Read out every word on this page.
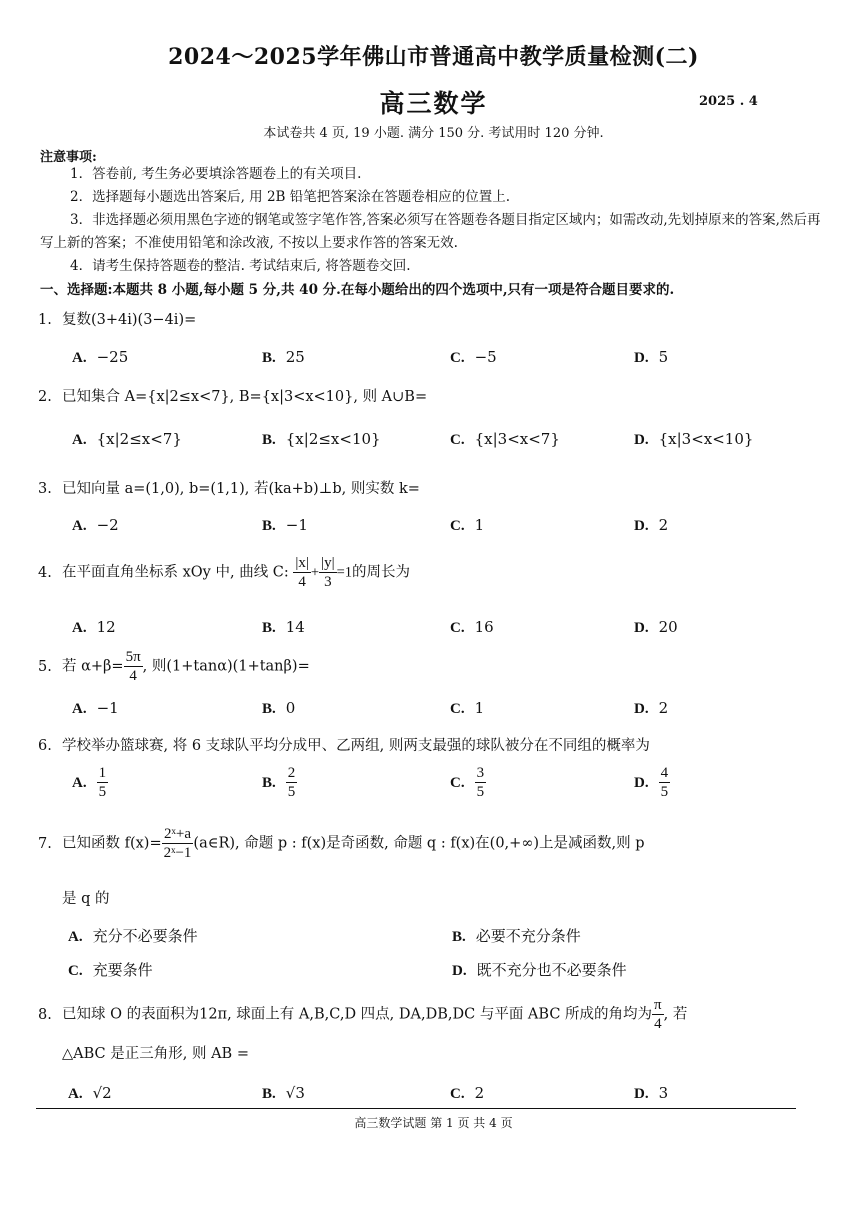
2024～2025学年佛山市普通高中教学质量检测(二)
高三数学	2025 . 4
本试卷共 4 页, 19 小题. 满分 150 分. 考试用时 120 分钟.
注意事项:
1．答卷前, 考生务必要填涂答题卷上的有关项目.
2．选择题每小题选出答案后, 用 2B 铅笔把答案涂在答题卷相应的位置上.
3．非选择题必须用黑色字迹的钢笔或签字笔作答,答案必须写在答题卷各题目指定区域内；如需改动,先划掉原来的答案,然后再写上新的答案；不准使用铅笔和涂改液, 不按以上要求作答的答案无效.
4．请考生保持答题卷的整洁. 考试结束后, 将答题卷交回.
一、选择题:本题共 8 小题,每小题 5 分,共 40 分.在每小题给出的四个选项中,只有一项是符合题目要求的.
1. 复数(3+4i)(3−4i)=
A. −25	B. 25	C. −5	D. 5
2. 已知集合 A={x|2≤x<7}, B={x|3<x<10}, 则 A∪B=
A. {x|2≤x<7}	B. {x|2≤x<10}	C. {x|3<x<7}	D. {x|3<x<10}
3. 已知向量 a=(1,0), b=(1,1), 若(ka+b)⊥b, 则实数 k=
A. −2	B. −1	C. 1	D. 2
4. 在平面直角坐标系 xOy 中, 曲线 C: $\frac{|x|}{4} + \frac{|y|}{3} =1$的周长为
A. 12	B. 14	C. 16	D. 20
5. 若 $\alpha+\beta= \frac{5\pi}{4}$ , 则(1+tanα)(1+tanβ)=
A. −1	B. 0	C. 1	D. 2
6. 学校举办篮球赛, 将 6 支球队平均分成甲、乙两组, 则两支最强的球队被分在不同组的概率为
A. $\frac{1}{5}$	B. $\frac{2}{5}$	C. $\frac{3}{5}$	D. $\frac{4}{5}$
7. 已知函数 $f(x)= \frac{\text{2ˣ+a}}{\text{2ˣ−1}}$ (a∈R), 命题 p : f(x)是奇函数, 命题 q : f(x)在(0,+∞)上是减函数,则 p
是 q 的
A. 充分不必要条件	B. 必要不充分条件
C. 充要条件	D. 既不充分也不必要条件
8. 已知球 O 的表面积为12π, 球面上有 A,B,C,D 四点, DA,DB,DC 与平面 ABC 所成的角均为 $\frac{\pi}{4}$ , 若
△ABC 是正三角形, 则 AB =
A. √2	B. √3	C. 2	D. 3
高三数学试题 第 1 页 共 4 页
